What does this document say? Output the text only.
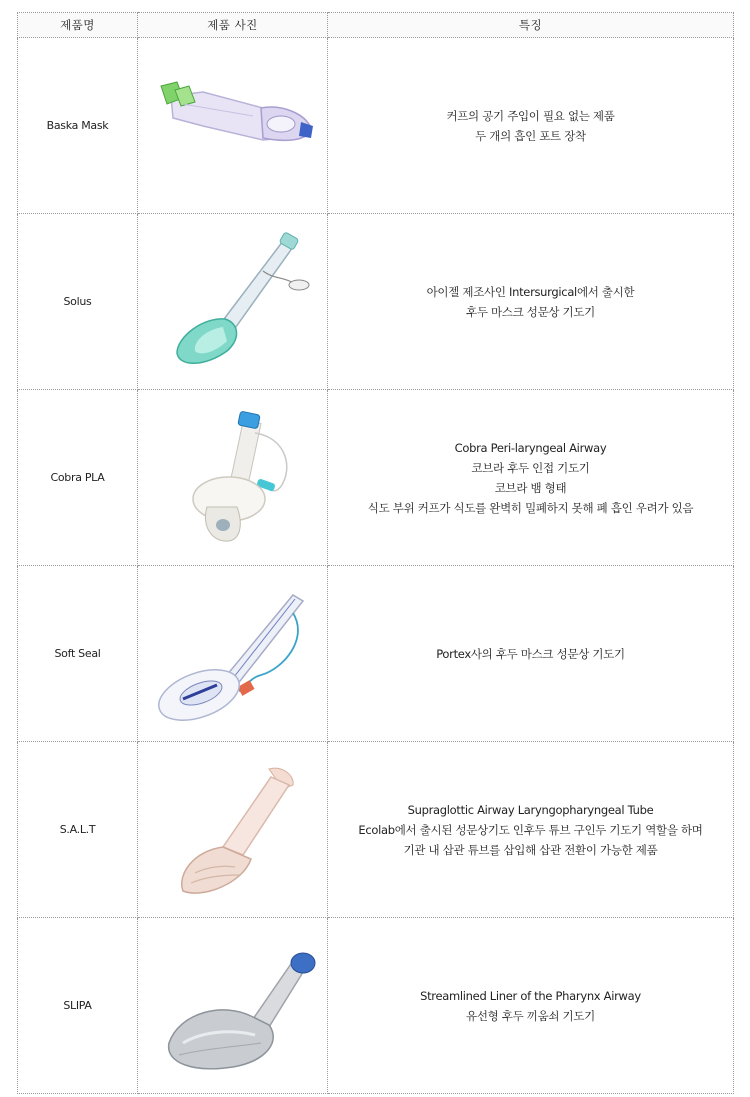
제품명	제품 사진	특징
Baska Mask		커프의 공기 주입이 필요 없는 제품
두 개의 흡인 포트 장착

Solus		아이젤 제조사인 Intersurgical에서 출시한
후두 마스크 성문상 기도기

Cobra PLA		Cobra Peri-laryngeal Airway
코브라 후두 인접 기도기
코브라 뱀 형태
식도 부위 커프가 식도를 완벽히 밀폐하지 못해 폐 흡인 우려가 있음

Soft Seal		Portex사의 후두 마스크 성문상 기도기

S.A.L.T		Supraglottic Airway Laryngopharyngeal Tube
Ecolab에서 출시된 성문상기도 인후두 튜브 구인두 기도기 역할을 하며
기관 내 삽관 튜브를 삽입해 삽관 전환이 가능한 제품

SLIPA		Streamlined Liner of the Pharynx Airway
유선형 후두 끼움쇠 기도기
